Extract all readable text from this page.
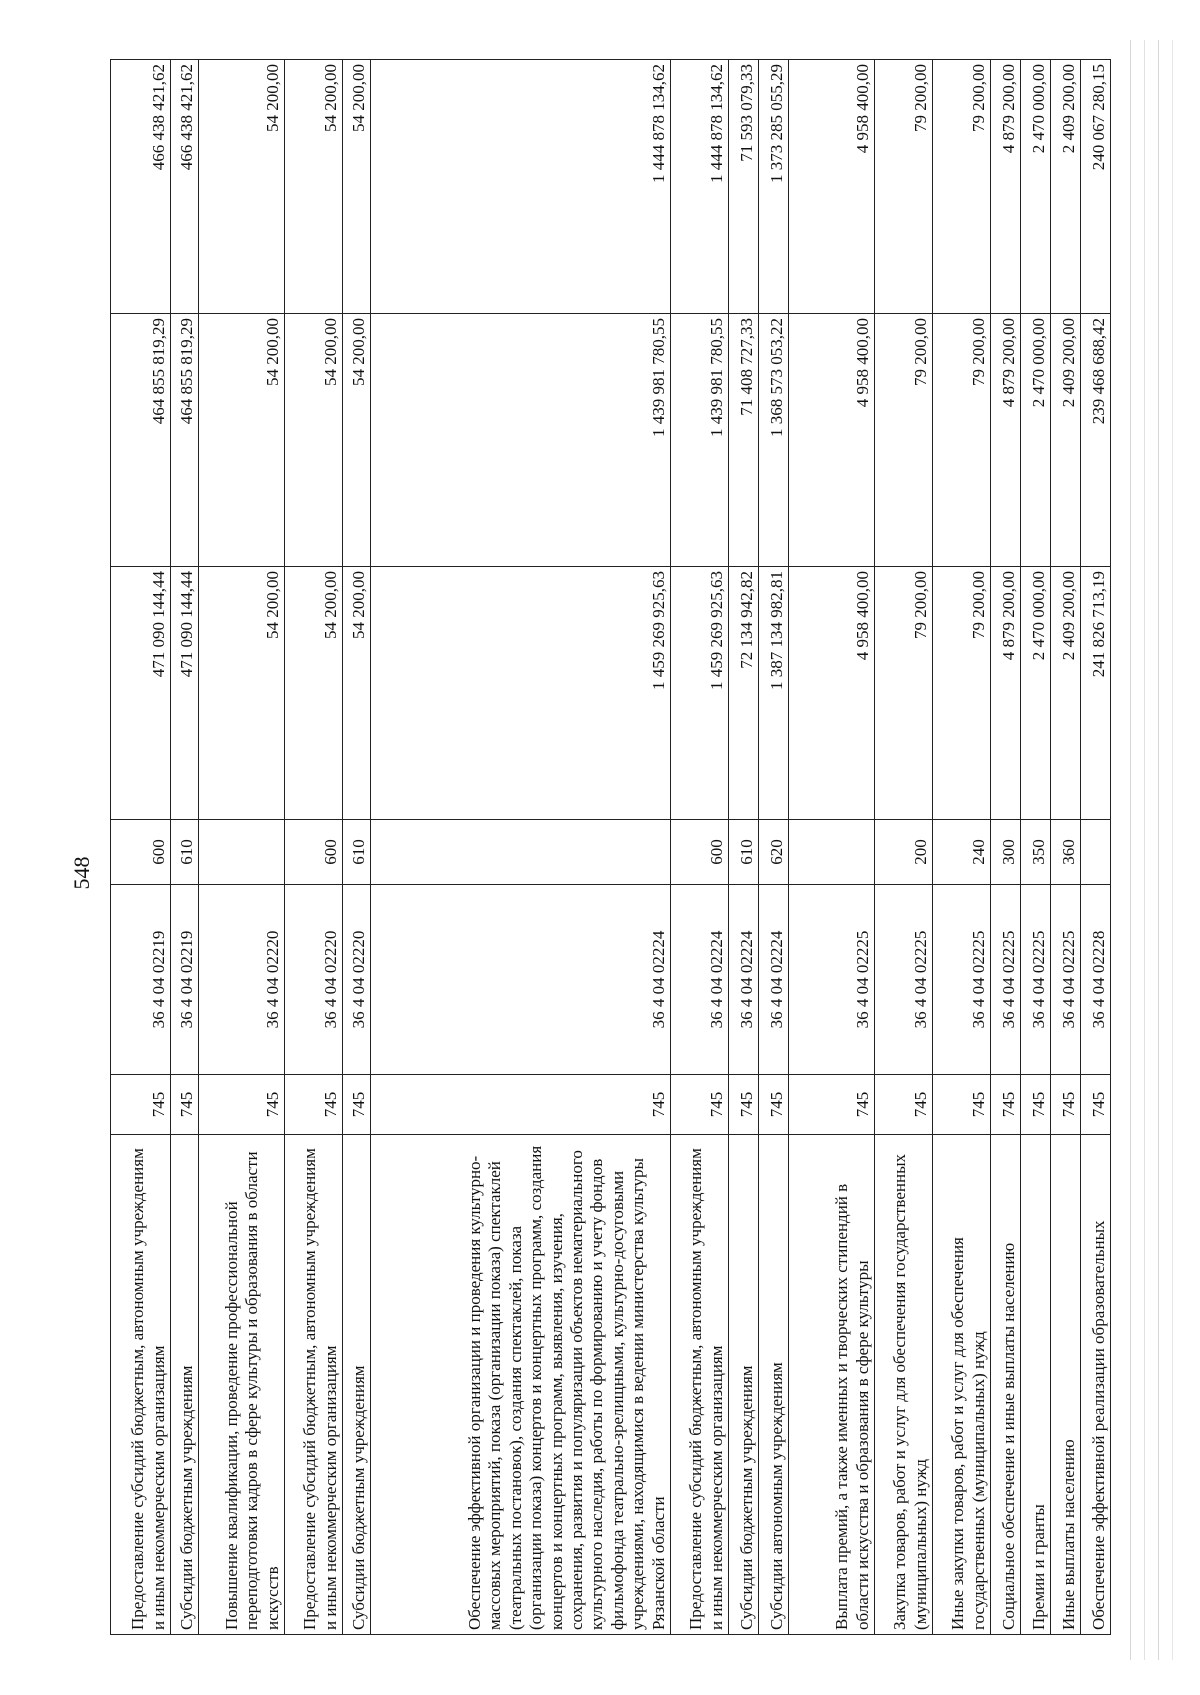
548
Предоставление субсидий бюджетным, автономным учреждениям и иным некоммерческим организациям	745	36 4 04 02219	600	471 090 144,44	464 855 819,29	466 438 421,62
Субсидии бюджетным учреждениям	745	36 4 04 02219	610	471 090 144,44	464 855 819,29	466 438 421,62
Повышение квалификации, проведение профессиональной переподготовки кадров в сфере культуры и образования в области искусств	745	36 4 04 02220		54 200,00	54 200,00	54 200,00
Предоставление субсидий бюджетным, автономным учреждениям и иным некоммерческим организациям	745	36 4 04 02220	600	54 200,00	54 200,00	54 200,00
Субсидии бюджетным учреждениям	745	36 4 04 02220	610	54 200,00	54 200,00	54 200,00
Обеспечение эффективной организации и проведения культурно-массовых мероприятий, показа (организации показа) спектаклей (театральных постановок), создания спектаклей, показа (организации показа) концертов и концертных программ, создания концертов и концертных программ, выявления, изучения, сохранения, развития и популяризации объектов нематериального культурного наследия, работы по формированию и учету фондов фильмофонда театрально-зрелищными, культурно-досуговыми учреждениями, находящимися в ведении министерства культуры Рязанской области	745	36 4 04 02224		1 459 269 925,63	1 439 981 780,55	1 444 878 134,62
Предоставление субсидий бюджетным, автономным учреждениям и иным некоммерческим организациям	745	36 4 04 02224	600	1 459 269 925,63	1 439 981 780,55	1 444 878 134,62
Субсидии бюджетным учреждениям	745	36 4 04 02224	610	72 134 942,82	71 408 727,33	71 593 079,33
Субсидии автономным учреждениям	745	36 4 04 02224	620	1 387 134 982,81	1 368 573 053,22	1 373 285 055,29
Выплата премий, а также именных и творческих стипендий в области искусства и образования в сфере культуры	745	36 4 04 02225		4 958 400,00	4 958 400,00	4 958 400,00
Закупка товаров, работ и услуг для обеспечения государственных (муниципальных) нужд	745	36 4 04 02225	200	79 200,00	79 200,00	79 200,00
Иные закупки товаров, работ и услуг для обеспечения государственных (муниципальных) нужд	745	36 4 04 02225	240	79 200,00	79 200,00	79 200,00
Социальное обеспечение и иные выплаты населению	745	36 4 04 02225	300	4 879 200,00	4 879 200,00	4 879 200,00
Премии и гранты	745	36 4 04 02225	350	2 470 000,00	2 470 000,00	2 470 000,00
Иные выплаты населению	745	36 4 04 02225	360	2 409 200,00	2 409 200,00	2 409 200,00
Обеспечение эффективной реализации образовательных	745	36 4 04 02228		241 826 713,19	239 468 688,42	240 067 280,15
